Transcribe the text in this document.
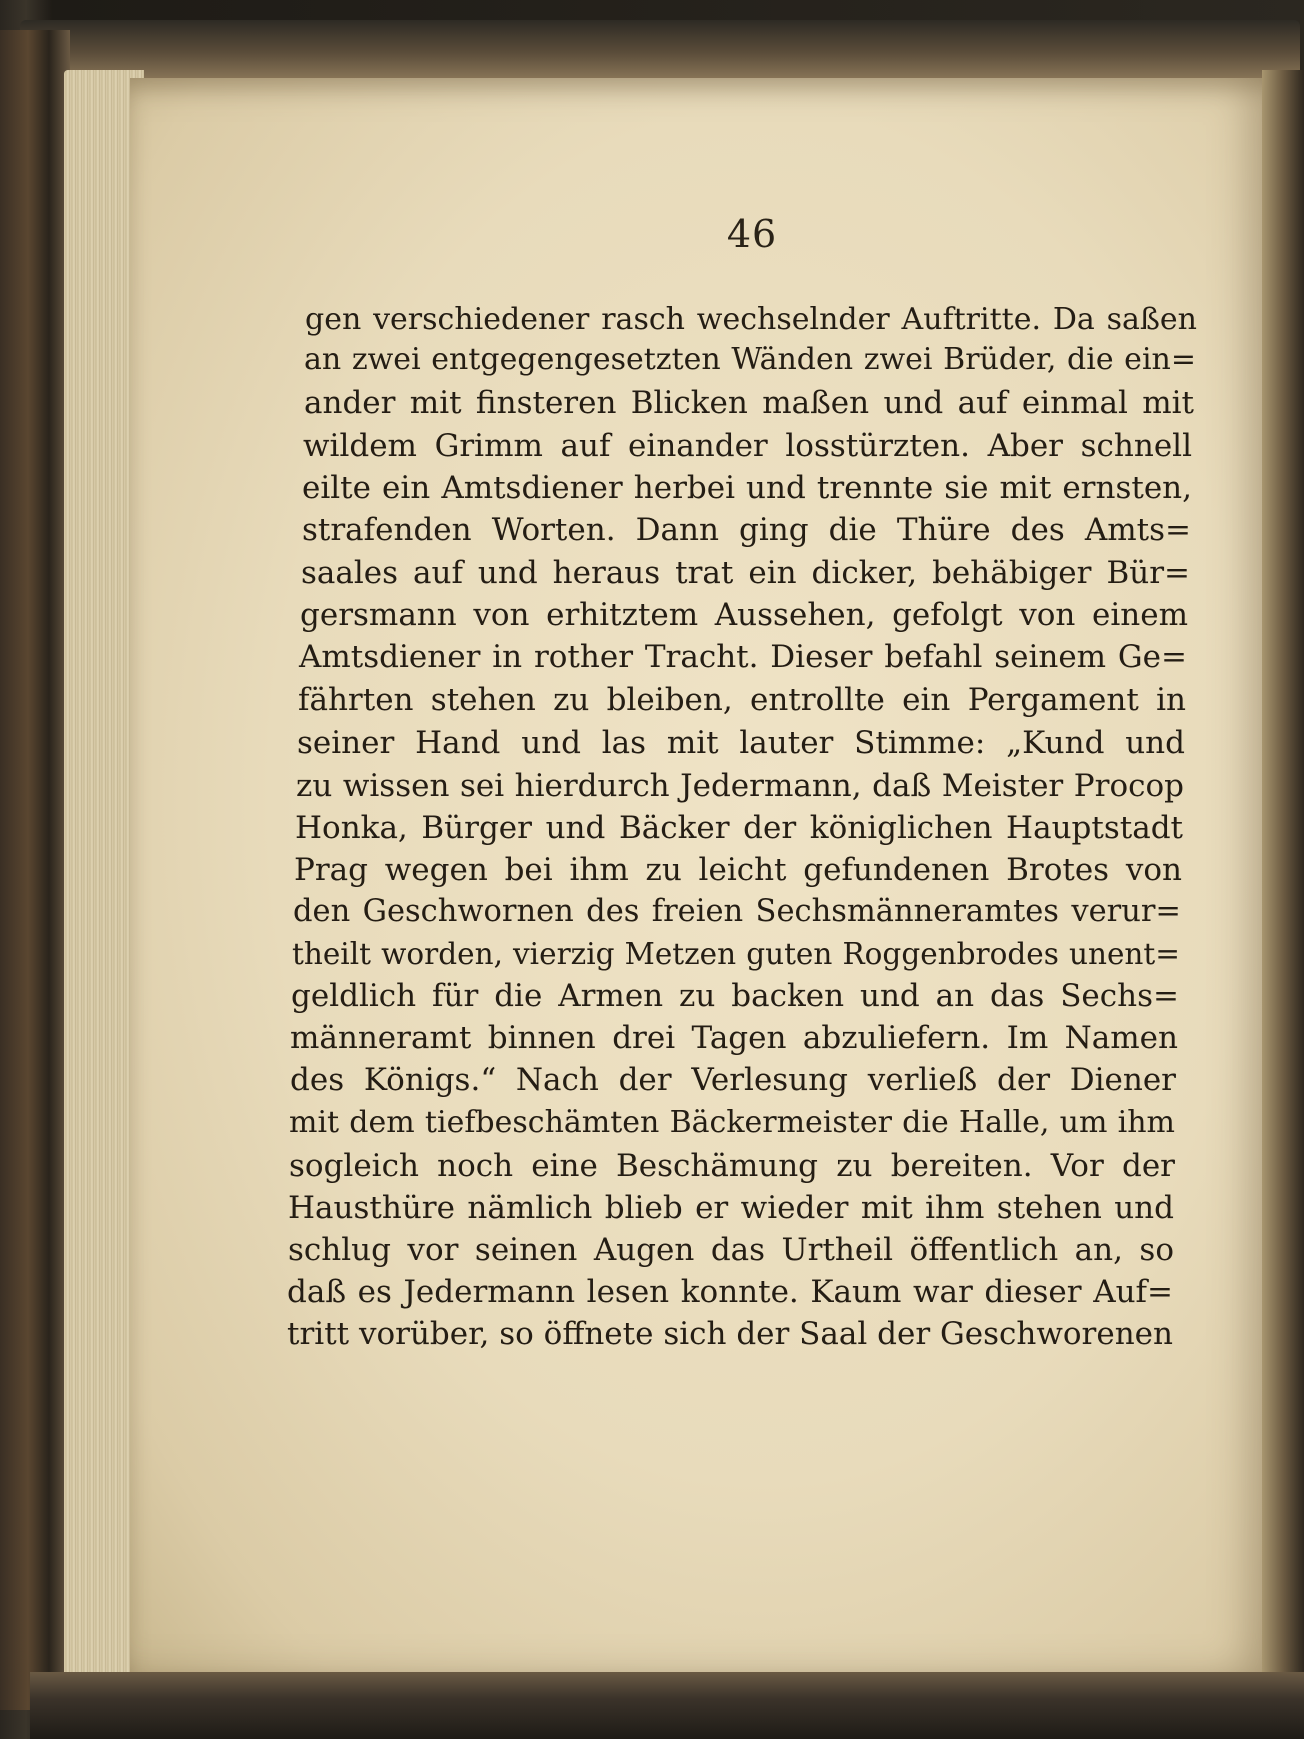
46
gen verschiedener rasch wechselnder Auftritte. Da saßen
an zwei entgegengesetzten Wänden zwei Brüder, die ein=
ander mit finsteren Blicken maßen und auf einmal mit
wildem Grimm auf einander losstürzten. Aber schnell
eilte ein Amtsdiener herbei und trennte sie mit ernsten,
strafenden Worten. Dann ging die Thüre des Amts=
saales auf und heraus trat ein dicker, behäbiger Bür=
gersmann von erhitztem Aussehen, gefolgt von einem
Amtsdiener in rother Tracht. Dieser befahl seinem Ge=
fährten stehen zu bleiben, entrollte ein Pergament in
seiner Hand und las mit lauter Stimme: „Kund und
zu wissen sei hierdurch Jedermann, daß Meister Procop
Honka, Bürger und Bäcker der königlichen Hauptstadt
Prag wegen bei ihm zu leicht gefundenen Brotes von
den Geschwornen des freien Sechsmänneramtes verur=
theilt worden, vierzig Metzen guten Roggenbrodes unent=
geldlich für die Armen zu backen und an das Sechs=
männeramt binnen drei Tagen abzuliefern. Im Namen
des Königs.“ Nach der Verlesung verließ der Diener
mit dem tiefbeschämten Bäckermeister die Halle, um ihm
sogleich noch eine Beschämung zu bereiten. Vor der
Hausthüre nämlich blieb er wieder mit ihm stehen und
schlug vor seinen Augen das Urtheil öffentlich an, so
daß es Jedermann lesen konnte. Kaum war dieser Auf=
tritt vorüber, so öffnete sich der Saal der Geschworenen
